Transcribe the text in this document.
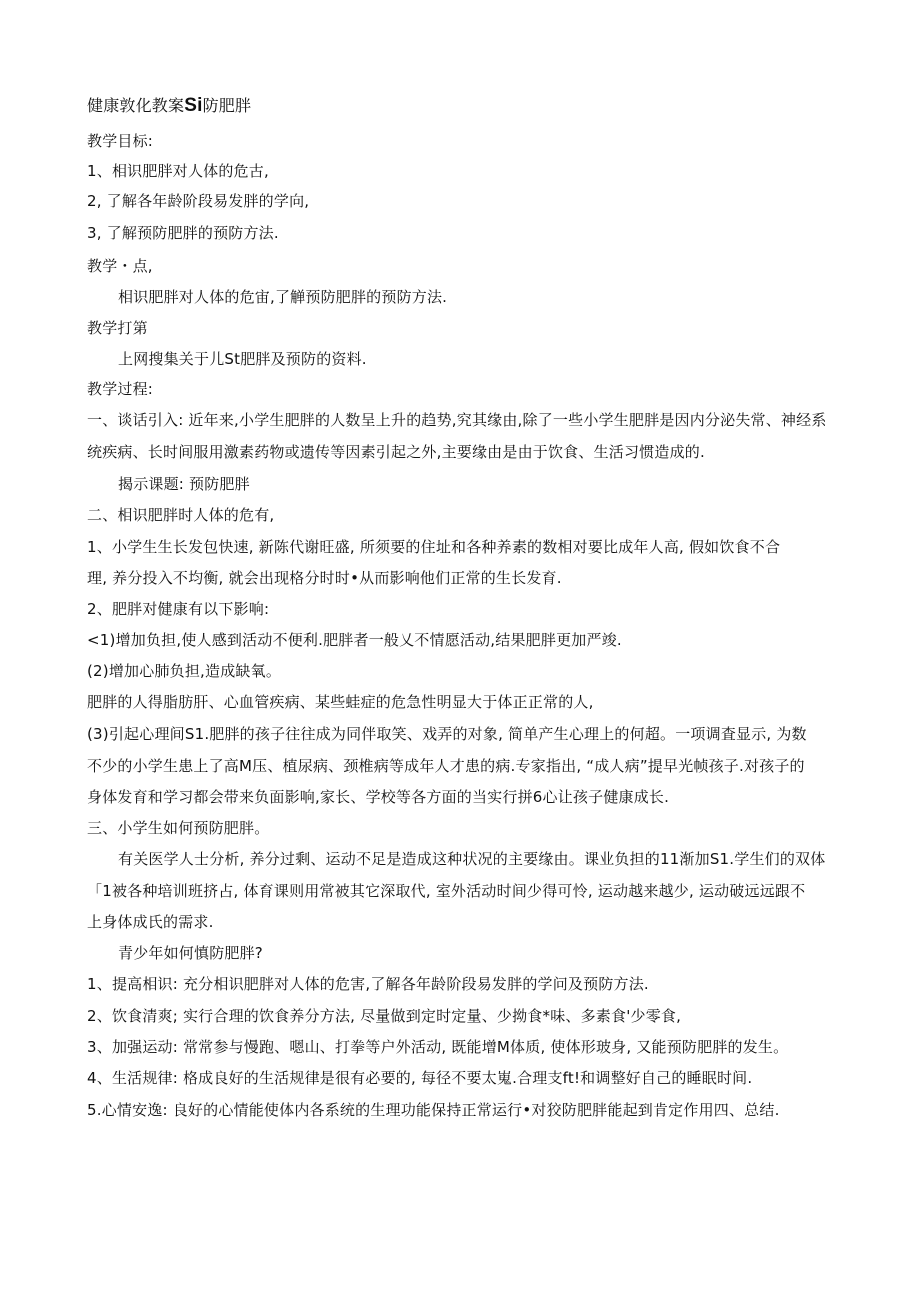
健康敦化教案Si防肥胖
教学目标:
1、相识肥胖对人体的危古,
2, 了解各年龄阶段易发胖的学向,
3, 了解预防肥胖的预防方法.
教学・点,
相识肥胖对人体的危宙,了觯预防肥胖的预防方法.
教学打第
上网搜集关于儿St肥胖及预防的资料.
教学过程:
一、谈话引入: 近年来,小学生肥胖的人数呈上升的趋势,究其缘由,除了一些小学生肥胖是因内分泌失常、神经系
统疾病、长时间服用激素药物或遗传等因素引起之外,主要缘由是由于饮食、生活习惯造成的.
揭示课题: 预防肥胖
二、相识肥胖时人体的危有,
1、小学生生长发包快速, 新陈代谢旺盛, 所须要的住址和各种养素的数相对要比成年人高, 假如饮食不合
理, 养分投入不均衡, 就会出现格分时时•从而影响他们正常的生长发育.
2、肥胖对健康有以下影响:
<1)增加负担,使人感到活动不便利.肥胖者一般乂不情愿活动,结果肥胖更加严竣.
(2)增加心肺负担,造成缺氧。
肥胖的人得脂肪肝、心血管疾病、某些蛙症的危急性明显大于体正正常的人,
(3)引起心理间S1.肥胖的孩子往往成为同伴取笑、戏弄的对象, 简单产生心理上的何超。一项调査显示, 为数
不少的小学生患上了高M压、植尿病、颈椎病等成年人才患的病.专家指出, “成人病”提早光帧孩子.对孩子的
身体发育和学习都会带来负面影响,家长、学校等各方面的当实行拼6心让孩子健康成长.
三、小学生如何预防肥胖。
有关医学人士分析, 养分过剩、运动不足是造成这种状况的主要缘由。课业负担的11渐加S1.学生们的双体
「1被各种培训班挤占, 体育课则用常被其它深取代, 室外活动时间少得可怜, 运动越来越少, 运动破远远跟不
上身体成氏的需求.
青少年如何慎防肥胖?
1、提高相识: 充分相识肥胖对人体的危害,了解各年龄阶段易发胖的学问及预防方法.
2、饮食清爽; 实行合理的饮食养分方法, 尽量做到定时定量、少拗食*味、多素食'少零食,
3、加强运动: 常常参与慢跑、嗯山、打拳等户外活动, 既能增M体质, 使体形玻身, 又能预防肥胖的发生。
4、生活规律: 格成良好的生活规律是很有必要的, 每径不要太嵬.合理支ft!和调整好自己的睡眠时间.
5.心情安逸: 良好的心情能使体内各系统的生理功能保持正常运行•对狡防肥胖能起到肯定作用四、总结.
